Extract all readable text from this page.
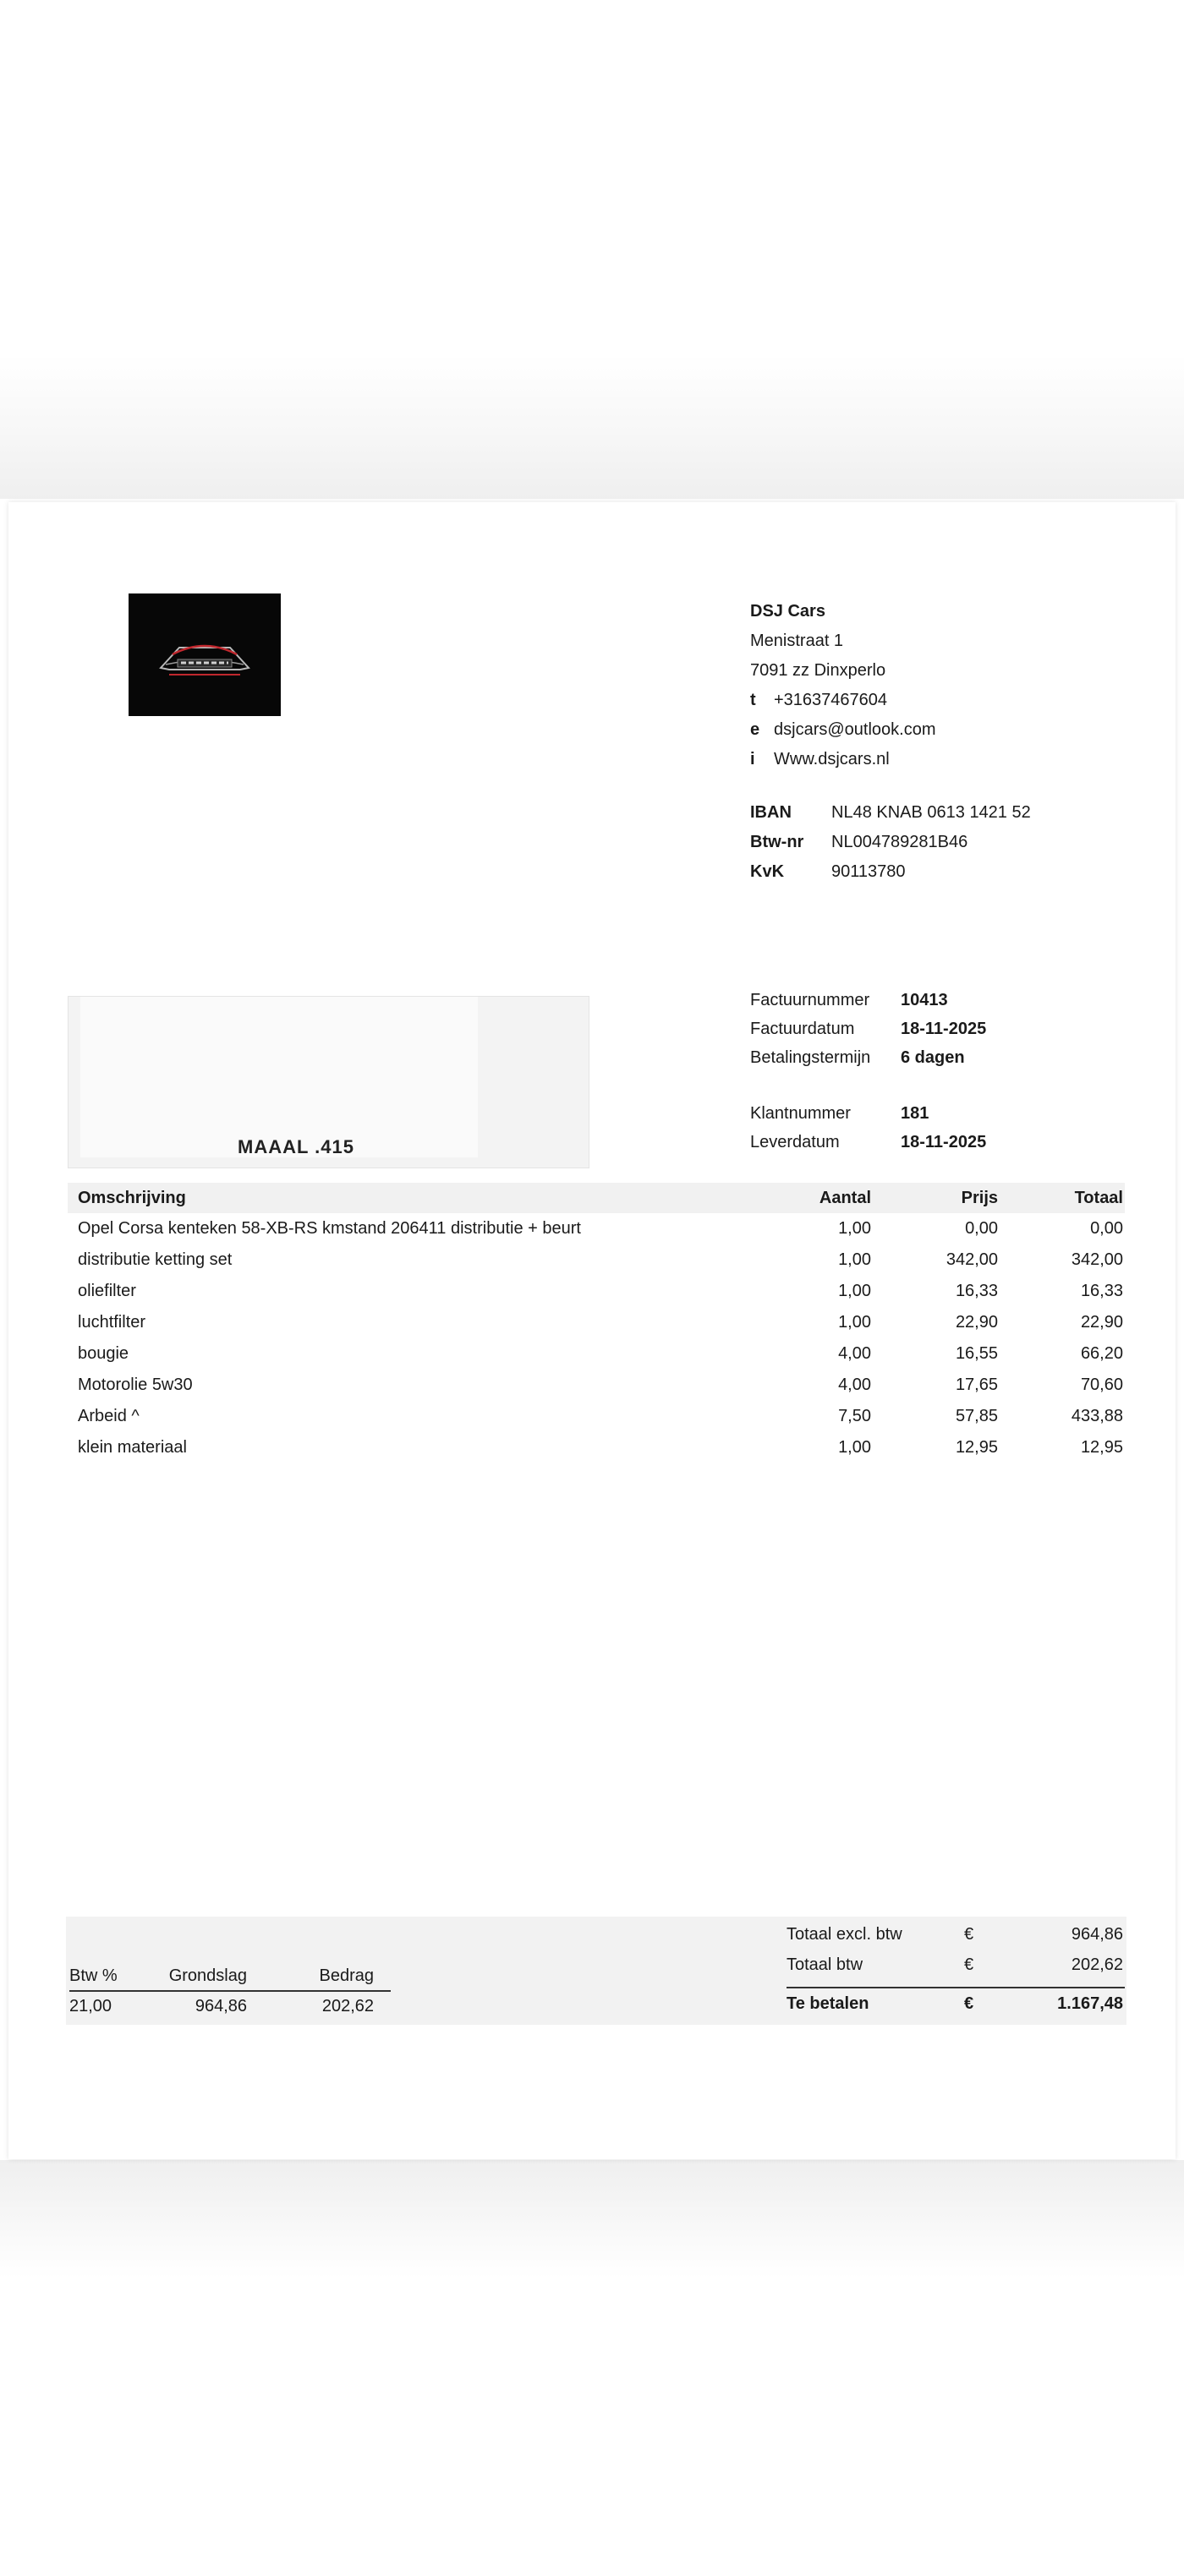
DSJ Cars
Menistraat 1
7091 zz Dinxperlo
t	+31637467604
e dsjcars@outlook.com
i	Www.dsjcars.nl
IBAN	NL48 KNAB 0613 1421 52
Btw-nr	NL004789281B46
KvK	90113780
MAAAL .415
Factuurnummer	10413
Factuurdatum	18-11-2025
Betalingstermijn	6 dagen
Klantnummer	181
Leverdatum	18-11-2025
Omschrijving	Aantal	Prijs	Totaal
Opel Corsa kenteken 58-XB-RS kmstand 206411 distributie + beurt	1,00	0,00	0,00
distributie ketting set	1,00	342,00	342,00
oliefilter	1,00	16,33	16,33
luchtfilter	1,00	22,90	22,90
bougie	4,00	16,55	66,20
Motorolie 5w30	4,00	17,65	70,60
Arbeid ^	7,50	57,85	433,88
klein materiaal	1,00	12,95	12,95
Btw %	Grondslag	Bedrag
21,00	964,86	202,62
Totaal excl. btw	€	964,86
Totaal btw	€	202,62
Te betalen	€	1.167,48
